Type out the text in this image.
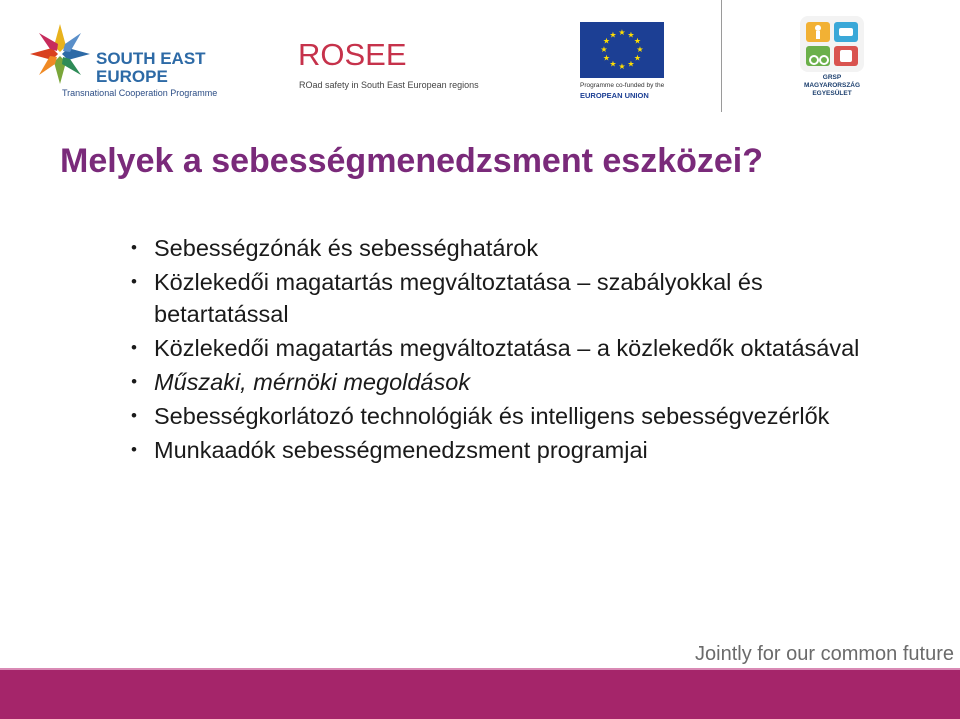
SOUTH EAST
EUROPE
Transnational Cooperation Programme
ROSEE
ROad safety in South East European regions
★ ★
★
★
★
★
★
★
★
★
★
★
Programme co-funded by the
EUROPEAN UNION
GRSP
MAGYARORSZÁG
EGYESÜLET
Melyek a sebességmenedzsment eszközei?
• Sebességzónák és sebességhatárok
• Közlekedői magatartás megváltoztatása – szabályokkal és betartatással
• Közlekedői magatartás megváltoztatása – a közlekedők oktatásával
• Műszaki, mérnöki megoldások
• Sebességkorlátozó technológiák és intelligens sebességvezérlők
• Munkaadók sebességmenedzsment programjai
Jointly for our common future
